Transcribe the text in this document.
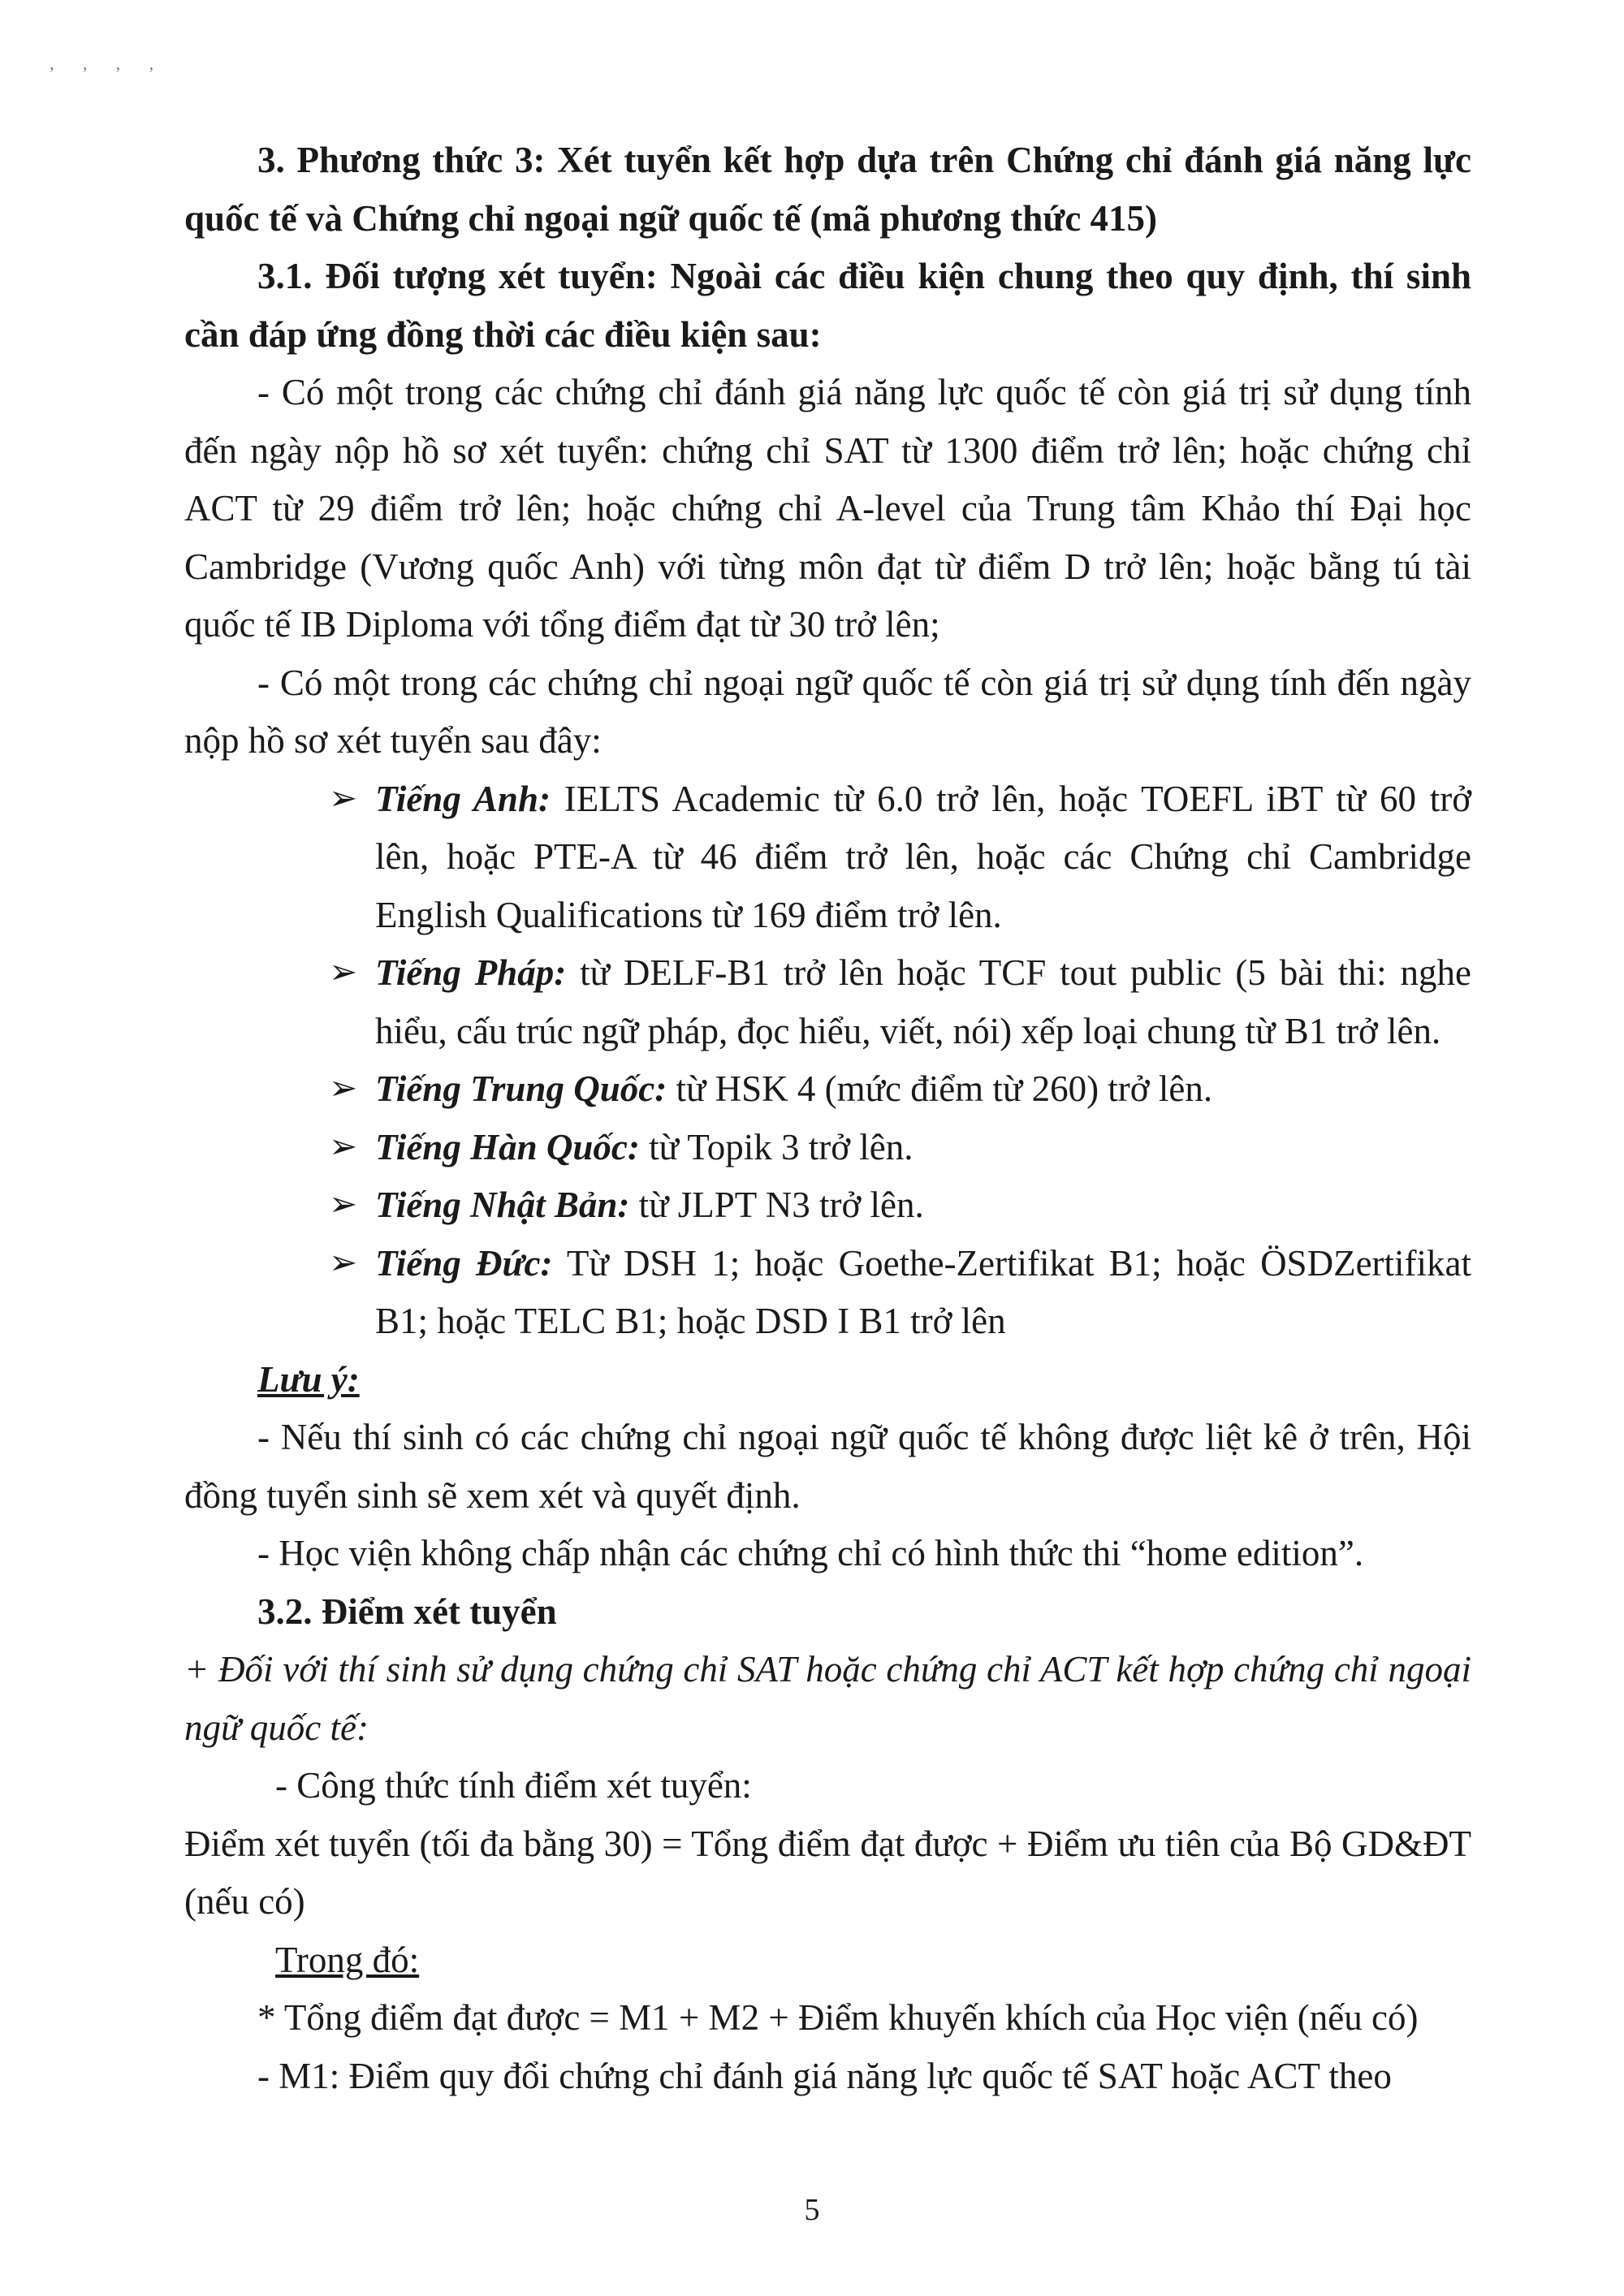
ʼ ʼ ʼ ʼ

3. Phương thức 3: Xét tuyển kết hợp dựa trên Chứng chỉ đánh giá năng lực quốc tế và Chứng chỉ ngoại ngữ quốc tế (mã phương thức 415)

3.1. Đối tượng xét tuyển: Ngoài các điều kiện chung theo quy định, thí sinh cần đáp ứng đồng thời các điều kiện sau:

- Có một trong các chứng chỉ đánh giá năng lực quốc tế còn giá trị sử dụng tính đến ngày nộp hồ sơ xét tuyển: chứng chỉ SAT từ 1300 điểm trở lên; hoặc chứng chỉ ACT từ 29 điểm trở lên; hoặc chứng chỉ A-level của Trung tâm Khảo thí Đại học Cambridge (Vương quốc Anh) với từng môn đạt từ điểm D trở lên; hoặc bằng tú tài quốc tế IB Diploma với tổng điểm đạt từ 30 trở lên;

- Có một trong các chứng chỉ ngoại ngữ quốc tế còn giá trị sử dụng tính đến ngày nộp hồ sơ xét tuyển sau đây:

➢ Tiếng Anh: IELTS Academic từ 6.0 trở lên, hoặc TOEFL iBT từ 60 trở lên, hoặc PTE-A từ 46 điểm trở lên, hoặc các Chứng chỉ Cambridge English Qualifications từ 169 điểm trở lên.

➢ Tiếng Pháp: từ DELF-B1 trở lên hoặc TCF tout public (5 bài thi: nghe hiểu, cấu trúc ngữ pháp, đọc hiểu, viết, nói) xếp loại chung từ B1 trở lên.

➢ Tiếng Trung Quốc: từ HSK 4 (mức điểm từ 260) trở lên.

➢ Tiếng Hàn Quốc: từ Topik 3 trở lên.

➢ Tiếng Nhật Bản: từ JLPT N3 trở lên.

➢ Tiếng Đức: Từ DSH 1; hoặc Goethe-Zertifikat B1; hoặc ÖSDZertifikat B1; hoặc TELC B1; hoặc DSD I B1 trở lên

Lưu ý:

- Nếu thí sinh có các chứng chỉ ngoại ngữ quốc tế không được liệt kê ở trên, Hội đồng tuyển sinh sẽ xem xét và quyết định.

- Học viện không chấp nhận các chứng chỉ có hình thức thi “home edition”.

3.2. Điểm xét tuyển

+ Đối với thí sinh sử dụng chứng chỉ SAT hoặc chứng chỉ ACT kết hợp chứng chỉ ngoại ngữ quốc tế:

- Công thức tính điểm xét tuyển:

Điểm xét tuyển (tối đa bằng 30) = Tổng điểm đạt được + Điểm ưu tiên của Bộ GD&ĐT (nếu có)

Trong đó:

* Tổng điểm đạt được = M1 + M2 + Điểm khuyến khích của Học viện (nếu có)

- M1: Điểm quy đổi chứng chỉ đánh giá năng lực quốc tế SAT hoặc ACT theo

5
